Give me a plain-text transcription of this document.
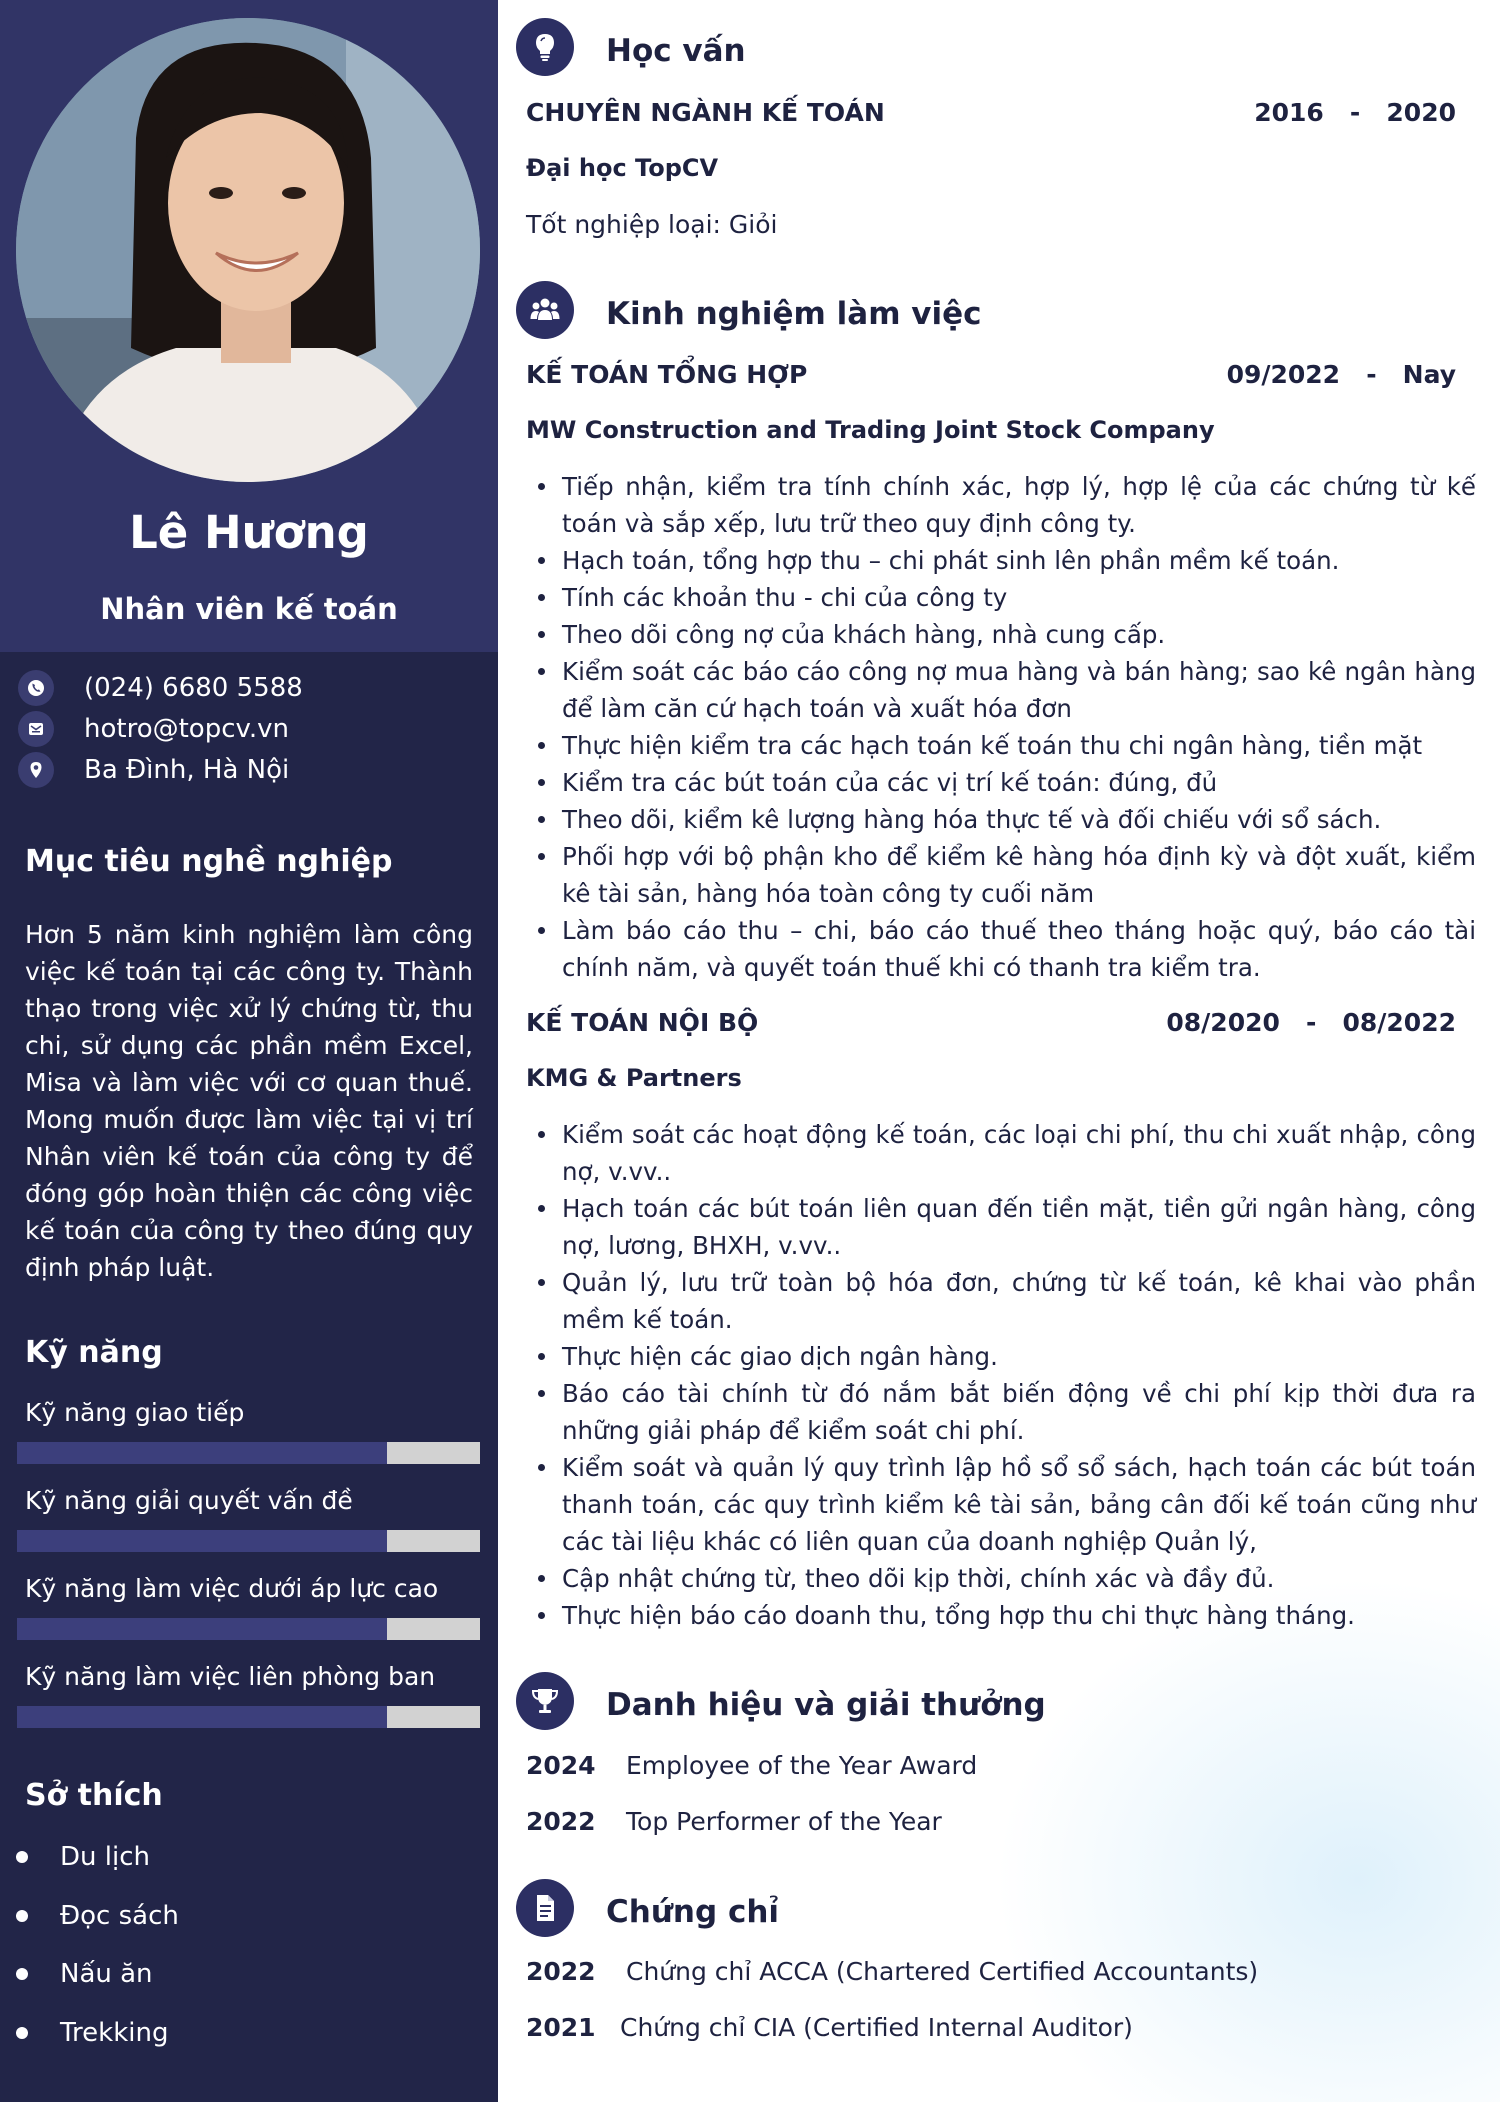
Lê Hương
Nhân viên kế toán
(024) 6680 5588
hotro@topcv.vn
Ba Đình, Hà Nội
Mục tiêu nghề nghiệp

Hơn 5 năm kinh nghiệm làm công việc kế toán tại các công ty. Thành thạo trong việc xử lý chứng từ, thu chi, sử dụng các phần mềm Excel, Misa và làm việc với cơ quan thuế. Mong muốn được làm việc tại vị trí Nhân viên kế toán của công ty để đóng góp hoàn thiện các công việc kế toán của công ty theo đúng quy định pháp luật.

Kỹ năng
Kỹ năng giao tiếp
Kỹ năng giải quyết vấn đề
Kỹ năng làm việc dưới áp lực cao
Kỹ năng làm việc liên phòng ban
Sở thích
Du lịch
Đọc sách
Nấu ăn
Trekking
Học vấn
CHUYÊN NGÀNH KẾ TOÁN	2016   -   2020
Đại học TopCV
Tốt nghiệp loại: Giỏi
Kinh nghiệm làm việc
KẾ TOÁN TỔNG HỢP	09/2022   -   Nay
MW Construction and Trading Joint Stock Company
Tiếp nhận, kiểm tra tính chính xác, hợp lý, hợp lệ của các chứng từ kế toán và sắp xếp, lưu trữ theo quy định công ty.
Hạch toán, tổng hợp thu – chi phát sinh lên phần mềm kế toán.
Tính các khoản thu - chi của công ty
Theo dõi công nợ của khách hàng, nhà cung cấp.
Kiểm soát các báo cáo công nợ mua hàng và bán hàng; sao kê ngân hàng để làm căn cứ hạch toán và xuất hóa đơn
Thực hiện kiểm tra các hạch toán kế toán thu chi ngân hàng, tiền mặt
Kiểm tra các bút toán của các vị trí kế toán: đúng, đủ
Theo dõi, kiểm kê lượng hàng hóa thực tế và đối chiếu với sổ sách.
Phối hợp với bộ phận kho để kiểm kê hàng hóa định kỳ và đột xuất, kiểm kê tài sản, hàng hóa toàn công ty cuối năm
Làm báo cáo thu – chi, báo cáo thuế theo tháng hoặc quý, báo cáo tài chính năm, và quyết toán thuế khi có thanh tra kiểm tra.
KẾ TOÁN NỘI BỘ	08/2020   -   08/2022
KMG & Partners
Kiểm soát các hoạt động kế toán, các loại chi phí, thu chi xuất nhập, công nợ, v.vv..
Hạch toán các bút toán liên quan đến tiền mặt, tiền gửi ngân hàng, công nợ, lương, BHXH, v.vv..
Quản lý, lưu trữ toàn bộ hóa đơn, chứng từ kế toán, kê khai vào phần mềm kế toán.
Thực hiện các giao dịch ngân hàng.
Báo cáo tài chính từ đó nắm bắt biến động về chi phí kịp thời đưa ra những giải pháp để kiểm soát chi phí.
Kiểm soát và quản lý quy trình lập hồ sổ sổ sách, hạch toán các bút toán thanh toán, các quy trình kiểm kê tài sản, bảng cân đối kế toán cũng như các tài liệu khác có liên quan của doanh nghiệp Quản lý,
Cập nhật chứng từ, theo dõi kịp thời, chính xác và đầy đủ.
Thực hiện báo cáo doanh thu, tổng hợp thu chi thực hàng tháng.
Danh hiệu và giải thưởng
2024	Employee of the Year Award
2022	Top Performer of the Year
Chứng chỉ
2022	Chứng chỉ ACCA (Chartered Certified Accountants)
2021 Chứng chỉ CIA (Certified Internal Auditor)
